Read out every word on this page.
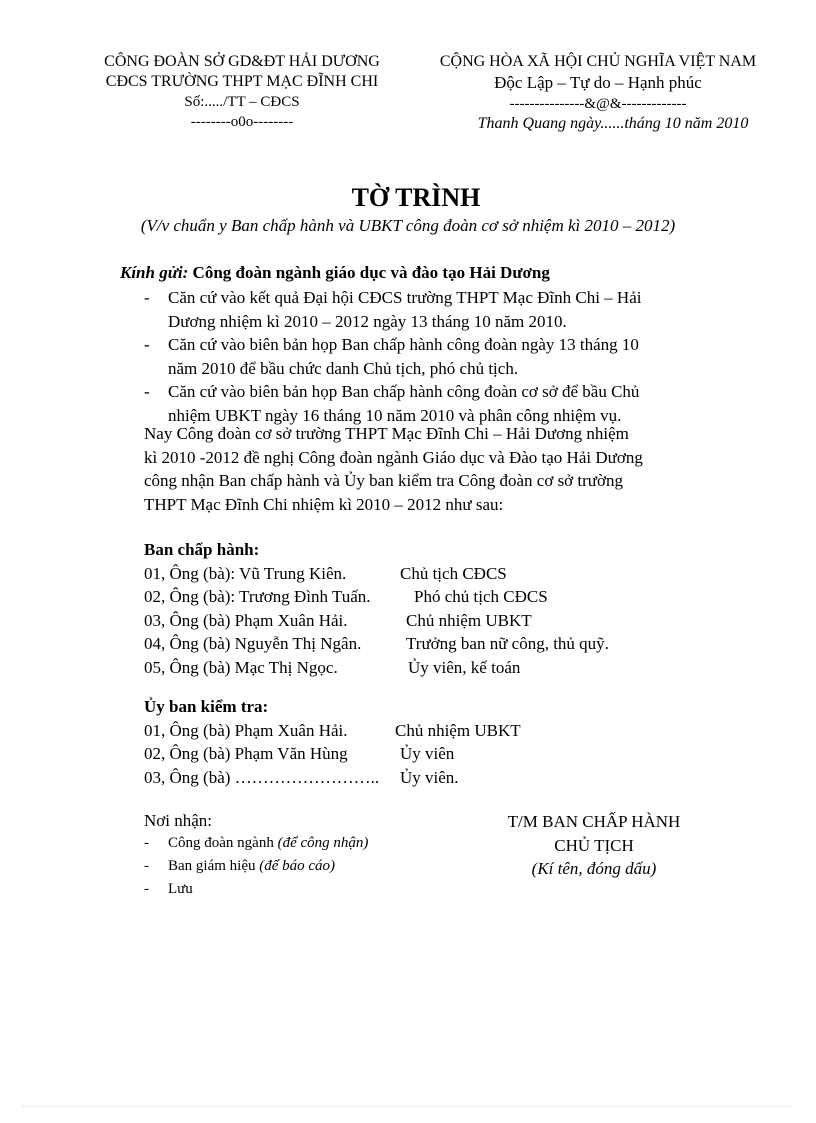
CÔNG ĐOÀN SỞ GD&ĐT HẢI DƯƠNG
CĐCS TRƯỜNG THPT MẠC ĐĨNH CHI
Số:...../TT – CĐCS
--------o0o--------
CỘNG HÒA XÃ HỘI CHỦ NGHĨA VIỆT NAM
Độc Lập – Tự do – Hạnh phúc
---------------&@&-------------
Thanh Quang ngày......tháng 10 năm 2010
TỜ TRÌNH
(V/v chuẩn y Ban chấp hành và UBKT công đoàn cơ sở nhiệm kì 2010 – 2012)
Kính gửi: Công đoàn ngành giáo dục và đào tạo Hải Dương
- Căn cứ vào kết quả Đại hội CĐCS trường THPT Mạc Đĩnh Chi – Hải
Dương nhiệm kì 2010 – 2012 ngày 13 tháng 10 năm 2010.
- Căn cứ vào biên bản họp Ban chấp hành công đoàn ngày 13 tháng 10
năm 2010 để bầu chức danh Chủ tịch, phó chủ tịch.
- Căn cứ vào biên bản họp Ban chấp hành công đoàn cơ sở để bầu Chủ
nhiệm UBKT ngày 16 tháng 10 năm 2010 và phân công nhiệm vụ.
Nay Công đoàn cơ sở trường THPT Mạc Đĩnh Chi – Hải Dương nhiệm
kì 2010 -2012 đề nghị Công đoàn ngành Giáo dục và Đào tạo Hải Dương
công nhận Ban chấp hành và Ủy ban kiểm tra Công đoàn cơ sở trường
THPT Mạc Đĩnh Chi nhiệm kì 2010 – 2012 như sau:
Ban chấp hành:
01, Ông (bà): Vũ Trung Kiên.	Chủ tịch CĐCS
02, Ông (bà): Trương Đình Tuấn.	Phó chủ tịch CĐCS
03, Ông (bà) Phạm Xuân Hải.	Chủ nhiệm UBKT
04, Ông (bà) Nguyễn Thị Ngân.	Trưởng ban nữ công, thủ quỹ.
05, Ông (bà) Mạc Thị Ngọc.	Ủy viên, kế toán
Ủy ban kiểm tra:
01, Ông (bà) Phạm Xuân Hải.	Chủ nhiệm UBKT
02, Ông (bà) Phạm Văn Hùng	Ủy viên
03, Ông (bà) …………………….. Ủy viên.
Nơi nhận:
- Công đoàn ngành (để công nhận)
- Ban giám hiệu (để báo cáo)
- Lưu
T/M BAN CHẤP HÀNH
CHỦ TỊCH
(Kí tên, đóng dấu)
